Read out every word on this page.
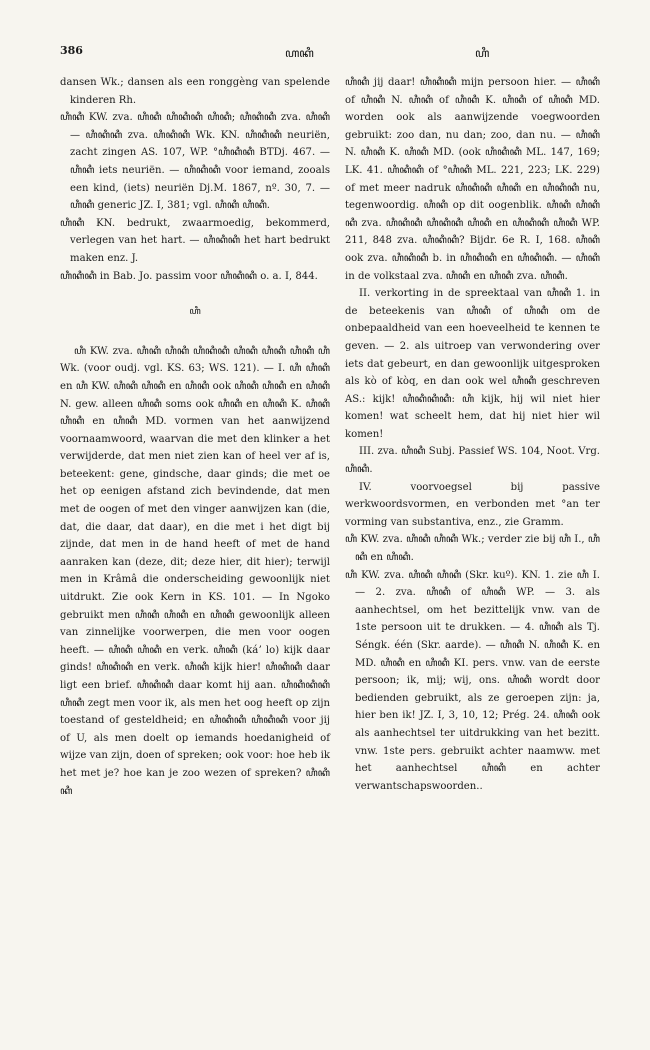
386	ꦲꦏꦶ	ꦲꦶ

dansen Wk.; dansen als een ronggèng van spelende kinderen Rh.

ꦲꦶꦏꦶ KW. zva. ꦲꦶꦏꦶ ꦲꦶꦏꦶꦏꦶ ꦲꦶꦏꦶ; ꦲꦶꦏꦶꦏꦶ zva. ꦲꦶꦏꦶ — ꦲꦶꦏꦶꦏꦶ zva. ꦲꦶꦏꦶꦏꦶ Wk. KN. ꦲꦶꦏꦶꦏꦶ neuriën, zacht zingen AS. 107, WP. °ꦲꦶꦏꦶꦏꦶ BTDj. 467. — ꦲꦶꦏꦶ iets neuriën. — ꦲꦶꦏꦶꦏꦶ voor iemand, zooals een kind, (iets) neuriën Dj.M. 1867, nº. 30, 7. — ꦲꦶꦏꦶ generic JZ. I, 381; vgl. ꦲꦶꦏꦶ ꦲꦶꦏꦶ.

ꦲꦶꦏꦶ KN. bedrukt, zwaarmoedig, bekommerd, verlegen van het hart. — ꦲꦶꦏꦶꦏꦶ het hart bedrukt maken enz. J.

ꦲꦶꦏꦶꦏꦶ in Bab. Jo. passim voor ꦲꦶꦏꦶꦏꦶ o. a. I, 844.

ꦲꦶ

ꦲꦶ KW. zva. ꦲꦶꦏꦶ ꦲꦶꦏꦶ ꦲꦶꦏꦶꦏꦶ ꦲꦶꦏꦶ ꦲꦶꦏꦶ ꦲꦶꦏꦶ ꦲꦶ Wk. (voor oudj. vgl. KS. 63; WS. 121). — I. ꦲꦶ ꦲꦶꦏꦶ en ꦲꦶ KW. ꦲꦶꦏꦶ ꦲꦶꦏꦶ en ꦲꦶꦏꦶ ook ꦲꦶꦏꦶ ꦲꦶꦏꦶ en ꦲꦶꦏꦶ N. gew. alleen ꦲꦶꦏꦶ soms ook ꦲꦶꦏꦶ en ꦲꦶꦏꦶ K. ꦲꦶꦏꦶ ꦲꦶꦏꦶ en ꦲꦶꦏꦶ MD. vormen van het aanwijzend voornaamwoord, waarvan die met den klinker a het verwijderde, dat men niet zien kan of heel ver af is, beteekent: gene, gindsche, daar ginds; die met oe het op eenigen afstand zich bevindende, dat men met de oogen of met den vinger aanwijzen kan (die, dat, die daar, dat daar), en die met i het digt bij zijnde, dat men in de hand heeft of met de hand aanraken kan (deze, dit; deze hier, dit hier); terwijl men in Krâmâ die onderscheiding gewoonlijk niet uitdrukt. Zie ook Kern in KS. 101. — In Ngoko gebruikt men ꦲꦶꦏꦶ ꦲꦶꦏꦶ en ꦲꦶꦏꦶ gewoonlijk alleen van zinnelijke voorwerpen, die men voor oogen heeft. — ꦲꦶꦏꦶ ꦲꦶꦏꦶ en verk. ꦲꦶꦏꦶ (káʼ lo) kijk daar ginds! ꦲꦶꦏꦶꦏꦶ en verk. ꦲꦶꦏꦶ kijk hier! ꦲꦶꦏꦶꦏꦶ daar ligt een brief. ꦲꦶꦏꦶꦏꦶ daar komt hij aan. ꦲꦶꦏꦶꦏꦶꦏꦶ ꦲꦶꦏꦶ zegt men voor ik, als men het oog heeft op zijn toestand of gesteldheid; en ꦲꦶꦏꦶꦏꦶ ꦲꦶꦏꦶꦏꦶ voor jij of U, als men doelt op iemands hoedanigheid of wijze van zijn, doen of spreken; ook voor: hoe heb ik het met je? hoe kan je zoo wezen of spreken? ꦲꦶꦏꦶꦏꦶ

ꦲꦶꦏꦶ jij daar! ꦲꦶꦏꦶꦏꦶ mijn persoon hier. — ꦲꦶꦏꦶ of ꦲꦶꦏꦶ N. ꦲꦶꦏꦶ of ꦲꦶꦏꦶ K. ꦲꦶꦏꦶ of ꦲꦶꦏꦶ MD. worden ook als aanwijzende voegwoorden gebruikt: zoo dan, nu dan; zoo, dan nu. — ꦲꦶꦏꦶ N. ꦲꦶꦏꦶ K. ꦲꦶꦏꦶ MD. (ook ꦲꦶꦏꦶꦏꦶ ML. 147, 169; LK. 41. ꦲꦶꦏꦶꦏꦶ of °ꦲꦶꦏꦶ ML. 221, 223; LK. 229) of met meer nadruk ꦲꦶꦏꦶꦏꦶ ꦲꦶꦏꦶ en ꦲꦶꦏꦶꦏꦶ nu, tegenwoordig. ꦲꦶꦏꦶ op dit oogenblik. ꦲꦶꦏꦶ ꦲꦶꦏꦶꦏꦶ zva. ꦲꦶꦏꦶꦏꦶ ꦲꦶꦏꦶꦏꦶ ꦲꦶꦏꦶ en ꦲꦶꦏꦶꦏꦶ ꦲꦶꦏꦶ WP. 211, 848 zva. ꦲꦶꦏꦶꦏꦶ? Bijdr. 6e R. I, 168. ꦲꦶꦏꦶ ook zva. ꦲꦶꦏꦶꦏꦶ b. in ꦲꦶꦏꦶꦏꦶ en ꦲꦶꦏꦶꦏꦶ. — ꦲꦶꦏꦶ in de volkstaal zva. ꦲꦶꦏꦶ en ꦲꦶꦏꦶ zva. ꦲꦶꦏꦶ.

II. verkorting in de spreektaal van ꦲꦶꦏꦶ 1. in de beteekenis van ꦲꦶꦏꦶ of ꦲꦶꦏꦶ om de onbepaaldheid van een hoeveelheid te kennen te geven. — 2. als uitroep van verwondering over iets dat gebeurt, en dan gewoonlijk uitgesproken als kò of kòq, en dan ook wel ꦲꦶꦏꦶ geschreven AS.: kijk! ꦲꦶꦏꦶꦏꦶꦏꦶ: ꦲꦶ kijk, hij wil niet hier komen! wat scheelt hem, dat hij niet hier wil komen!

III. zva. ꦲꦶꦏꦶ Subj. Passief WS. 104, Noot. Vrg. ꦲꦶꦏꦶ.

IV. voorvoegsel bij passive werkwoordsvormen, en verbonden met °an ter vorming van substantiva, enz., zie Gramm.

ꦲꦶ KW. zva. ꦲꦶꦏꦶ ꦲꦶꦏꦶ Wk.; verder zie bij ꦲꦶ I., ꦲꦶꦏꦶ en ꦲꦶꦏꦶ.

ꦲꦶ KW. zva. ꦲꦶꦏꦶ ꦲꦶꦏꦶ (Skr. kuº). KN. 1. zie ꦲꦶ I. — 2. zva. ꦲꦶꦏꦶ of ꦲꦶꦏꦶ WP. — 3. als aanhechtsel, om het bezittelijk vnw. van de 1ste persoon uit te drukken. — 4. ꦲꦶꦏꦶ als Tj. Séngk. één (Skr. aarde). — ꦲꦶꦏꦶ N. ꦲꦶꦏꦶ K. en MD. ꦲꦶꦏꦶ en ꦲꦶꦏꦶ KI. pers. vnw. van de eerste persoon; ik, mij; wij, ons. ꦲꦶꦏꦶ wordt door bedienden gebruikt, als ze geroepen zijn: ja, hier ben ik! JZ. I, 3, 10, 12; Prég. 24. ꦲꦶꦏꦶ ook als aanhechtsel ter uitdrukking van het bezitt. vnw. 1ste pers. gebruikt achter naamww. met het aanhechtsel ꦲꦶꦏꦶ en achter verwantschapswoorden..
